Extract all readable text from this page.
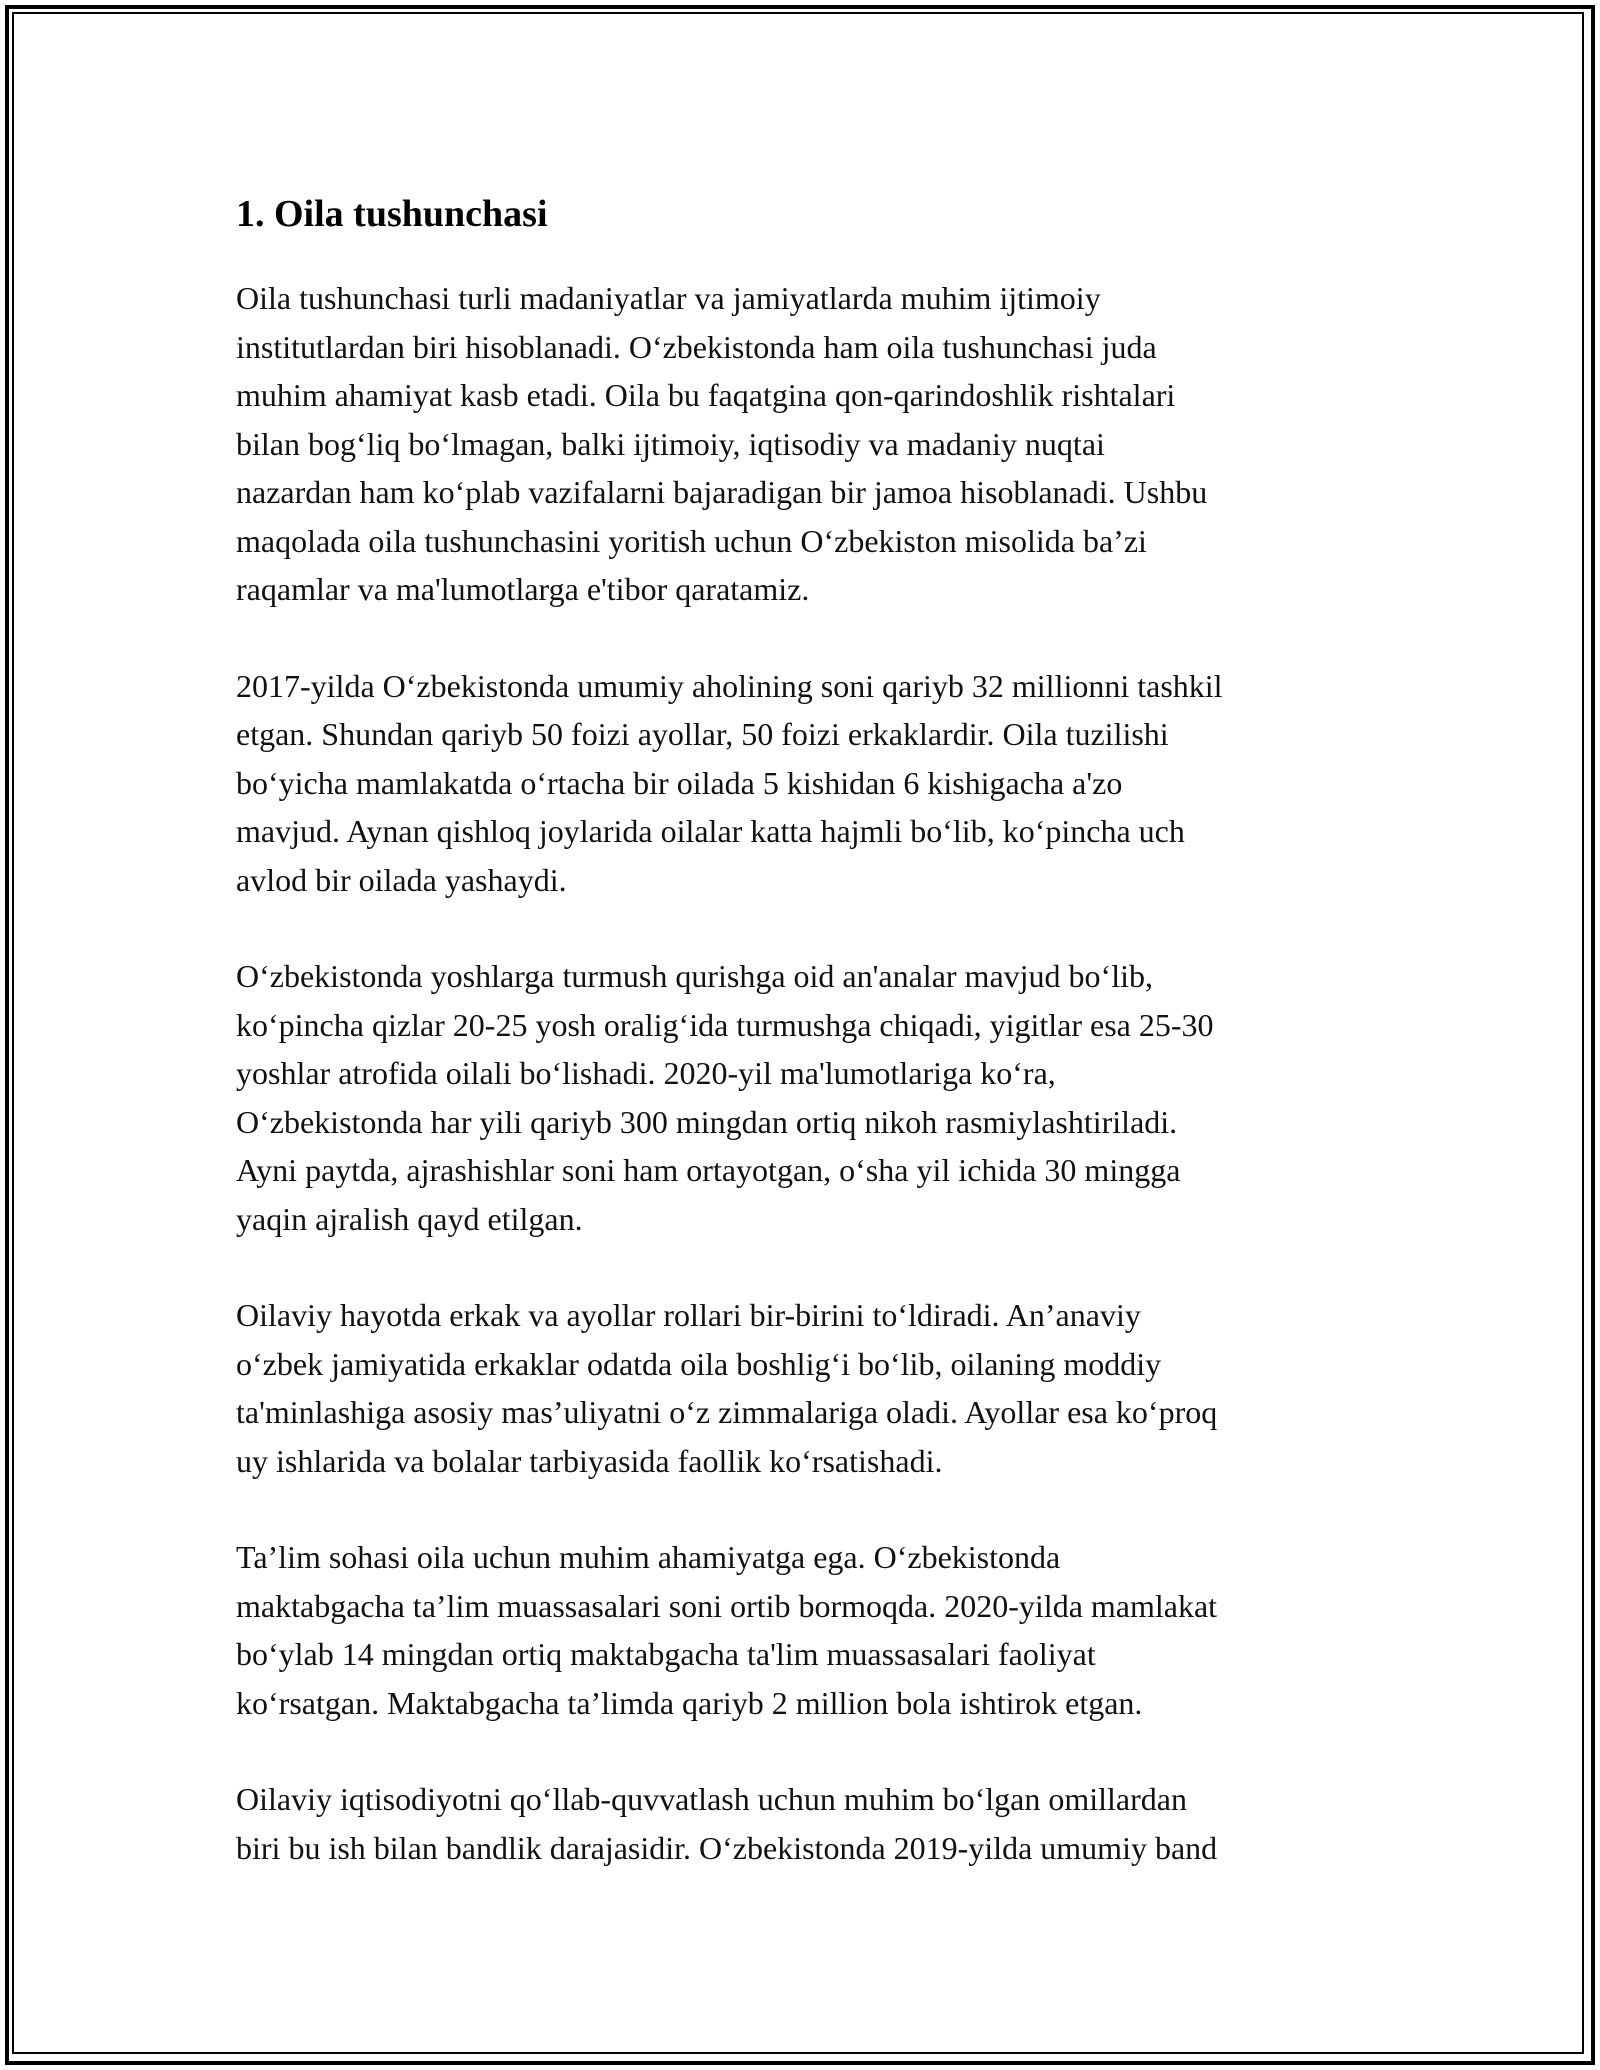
1. Oila tushunchasi

Oila tushunchasi turli madaniyatlar va jamiyatlarda muhim ijtimoiy
institutlardan biri hisoblanadi. O‘zbekistonda ham oila tushunchasi juda
muhim ahamiyat kasb etadi. Oila bu faqatgina qon-qarindoshlik rishtalari
bilan bog‘liq bo‘lmagan, balki ijtimoiy, iqtisodiy va madaniy nuqtai
nazardan ham ko‘plab vazifalarni bajaradigan bir jamoa hisoblanadi. Ushbu
maqolada oila tushunchasini yoritish uchun O‘zbekiston misolida ba’zi
raqamlar va ma'lumotlarga e'tibor qaratamiz.

2017-yilda O‘zbekistonda umumiy aholining soni qariyb 32 millionni tashkil
etgan. Shundan qariyb 50 foizi ayollar, 50 foizi erkaklardir. Oila tuzilishi
bo‘yicha mamlakatda o‘rtacha bir oilada 5 kishidan 6 kishigacha a'zo
mavjud. Aynan qishloq joylarida oilalar katta hajmli bo‘lib, ko‘pincha uch
avlod bir oilada yashaydi.

O‘zbekistonda yoshlarga turmush qurishga oid an'analar mavjud bo‘lib,
ko‘pincha qizlar 20-25 yosh oralig‘ida turmushga chiqadi, yigitlar esa 25-30
yoshlar atrofida oilali bo‘lishadi. 2020-yil ma'lumotlariga ko‘ra,
O‘zbekistonda har yili qariyb 300 mingdan ortiq nikoh rasmiylashtiriladi.
Ayni paytda, ajrashishlar soni ham ortayotgan, o‘sha yil ichida 30 mingga
yaqin ajralish qayd etilgan.

Oilaviy hayotda erkak va ayollar rollari bir-birini to‘ldiradi. An’anaviy
o‘zbek jamiyatida erkaklar odatda oila boshlig‘i bo‘lib, oilaning moddiy
ta'minlashiga asosiy mas’uliyatni o‘z zimmalariga oladi. Ayollar esa ko‘proq
uy ishlarida va bolalar tarbiyasida faollik ko‘rsatishadi.

Ta’lim sohasi oila uchun muhim ahamiyatga ega. O‘zbekistonda
maktabgacha ta’lim muassasalari soni ortib bormoqda. 2020-yilda mamlakat
bo‘ylab 14 mingdan ortiq maktabgacha ta'lim muassasalari faoliyat
ko‘rsatgan. Maktabgacha ta’limda qariyb 2 million bola ishtirok etgan.

Oilaviy iqtisodiyotni qo‘llab-quvvatlash uchun muhim bo‘lgan omillardan
biri bu ish bilan bandlik darajasidir. O‘zbekistonda 2019-yilda umumiy band
